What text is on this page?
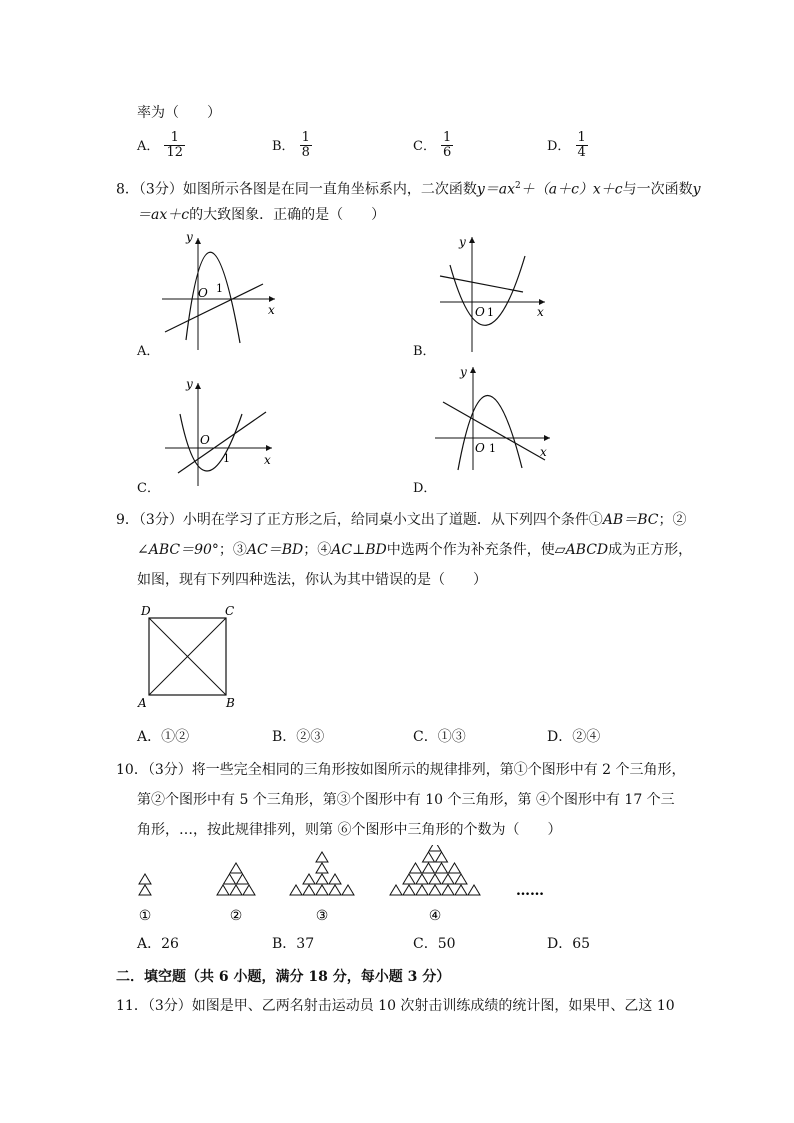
率为（　　）
A． $\frac{1}{12}$	B． $\frac{1}{8}$	C． $\frac{1}{6}$	D． $\frac{1}{4}$
8．（3分）如图所示各图是在同一直角坐标系内，二次函数$y=ax^2+(a+c)x+c$与一次函数y
＝ax＋c的大致图象．正确的是（　　）
y
x
O 1
A．
y
x
O 1
B．
y
x
O
1
C．
y
x
O 1
D．
9．（3分）小明在学习了正方形之后，给同桌小文出了道题．从下列四个条件①AB＝BC；②
∠ABC＝90°；③AC＝BD；④AC⊥BD中选两个作为补充条件，使▱ABCD成为正方形，
如图，现有下列四种选法，你认为其中错误的是（　　）
D	C
A	B
A．①②	B．②③	C．①③	D．②④
10．（3分）将一些完全相同的三角形按如图所示的规律排列，第①个图形中有 2 个三角形，
第②个图形中有 5 个三角形，第③个图形中有 10 个三角形，第 ④个图形中有 17 个三
角形，…，按此规律排列，则第 ⑥个图形中三角形的个数为（　　）
①	②	③	④
……
A．26	B．37	C．50	D．65
二．填空题（共 6 小题，满分 18 分，每小题 3 分）
11．（3分）如图是甲、乙两名射击运动员 10 次射击训练成绩的统计图，如果甲、乙这 10
